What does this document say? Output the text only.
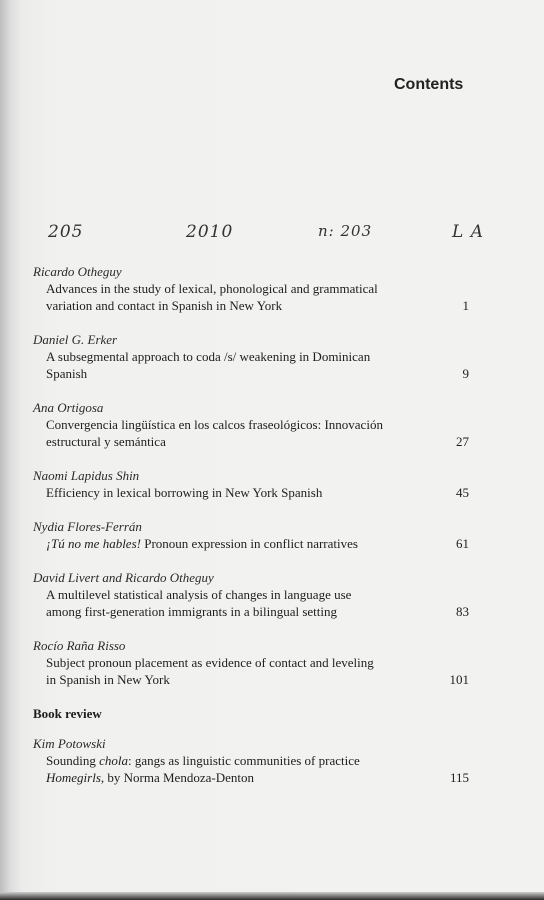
Contents
205	2010	n: 203	L A
Ricardo Otheguy
Advances in the study of lexical, phonological and grammatical
variation and contact in Spanish in New York	1
Daniel G. Erker
A subsegmental approach to coda /s/ weakening in Dominican
Spanish	9
Ana Ortigosa
Convergencia lingüística en los calcos fraseológicos: Innovación
estructural y semántica	27
Naomi Lapidus Shin
Efficiency in lexical borrowing in New York Spanish	45
Nydia Flores-Ferrán
¡Tú no me hables! Pronoun expression in conflict narratives	61
David Livert and Ricardo Otheguy
A multilevel statistical analysis of changes in language use
among first-generation immigrants in a bilingual setting	83
Rocío Raña Risso
Subject pronoun placement as evidence of contact and leveling
in Spanish in New York	101
Book review
Kim Potowski
Sounding chola: gangs as linguistic communities of practice
Homegirls, by Norma Mendoza-Denton	115
